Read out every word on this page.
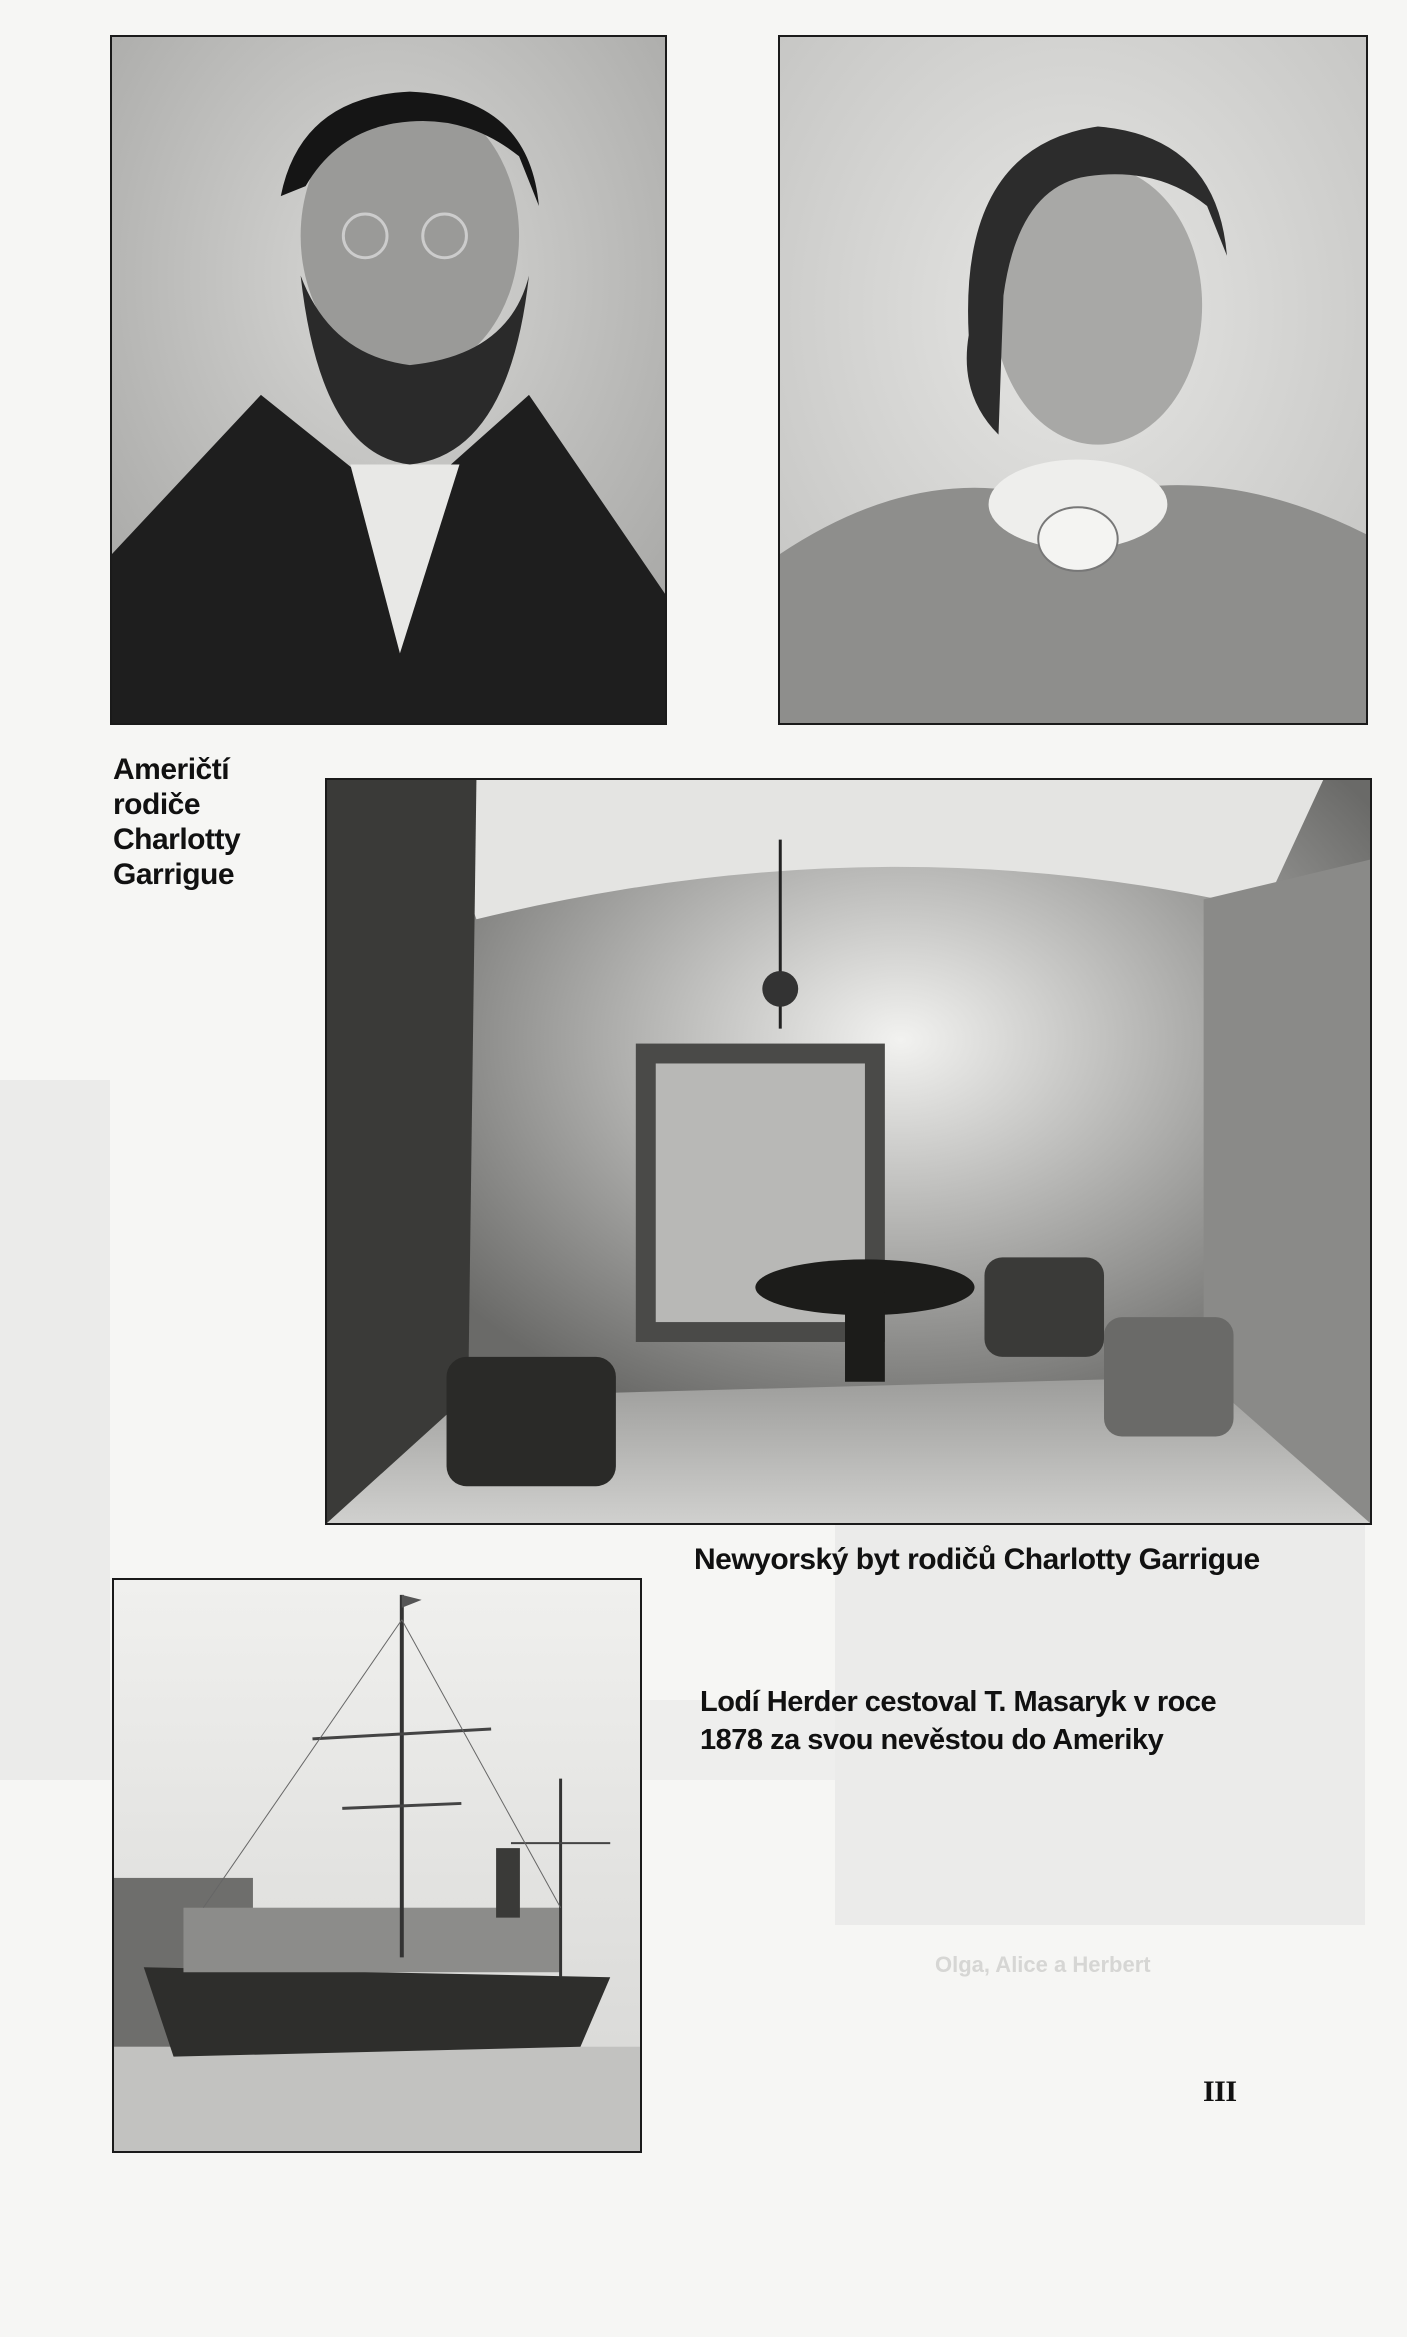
Olga, Alice a Herbert
Američtí
rodiče
Charlotty
Garrigue
Newyorský byt rodičů Charlotty Garrigue
Lodí Herder cestoval T. Masaryk v roce
1878 za svou nevěstou do Ameriky
III
